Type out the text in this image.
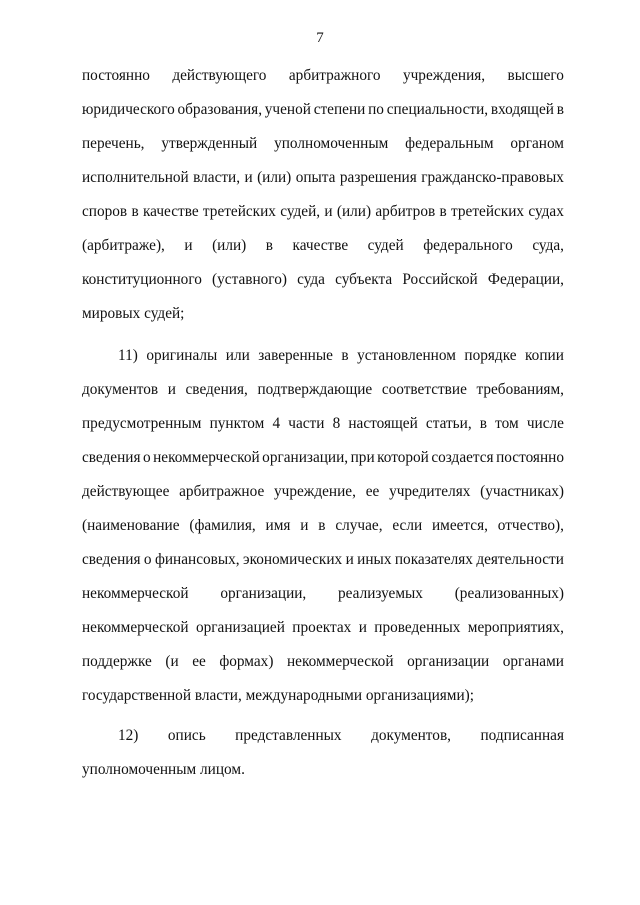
7
постоянно действующего арбитражного учреждения, высшего
юридического образования, ученой степени по специальности, входящей в
перечень, утвержденный уполномоченным федеральным органом
исполнительной власти, и (или) опыта разрешения гражданско-правовых
споров в качестве третейских судей, и (или) арбитров в третейских судах
(арбитраже), и (или) в качестве судей федерального суда,
конституционного (уставного) суда субъекта Российской Федерации,
мировых судей;
11) оригиналы или заверенные в установленном порядке копии
документов и сведения, подтверждающие соответствие требованиям,
предусмотренным пунктом 4 части 8 настоящей статьи, в том числе
сведения о некоммерческой организации, при которой создается постоянно
действующее арбитражное учреждение, ее учредителях (участниках)
(наименование (фамилия, имя и в случае, если имеется, отчество),
сведения о финансовых, экономических и иных показателях деятельности
некоммерческой организации, реализуемых (реализованных)
некоммерческой организацией проектах и проведенных мероприятиях,
поддержке (и ее формах) некоммерческой организации органами
государственной власти, международными организациями);
12) опись представленных документов, подписанная
уполномоченным лицом.
